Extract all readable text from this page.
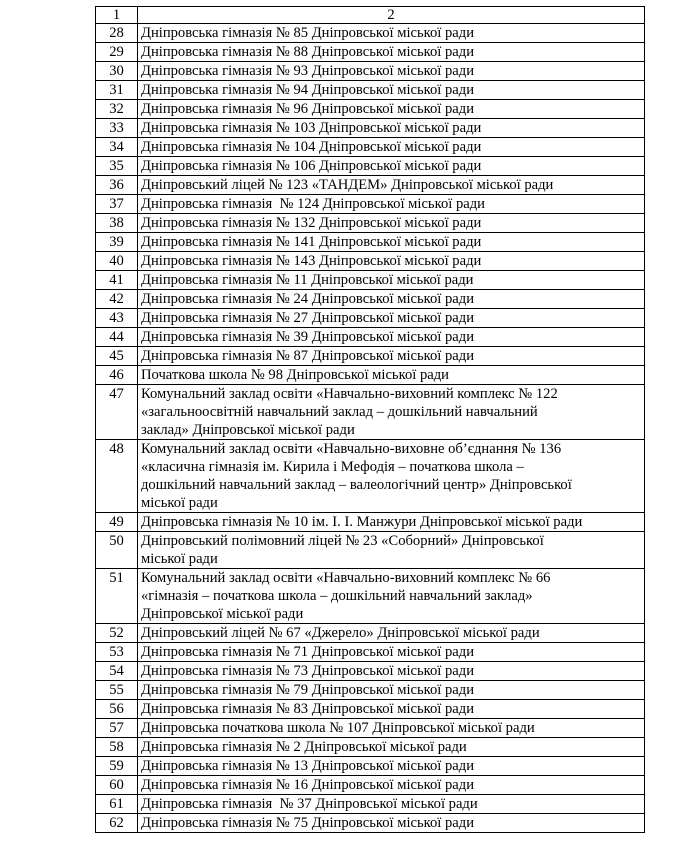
1	2
28	Дніпровська гімназія № 85 Дніпровської міської ради
29	Дніпровська гімназія № 88 Дніпровської міської ради
30	Дніпровська гімназія № 93 Дніпровської міської ради
31	Дніпровська гімназія № 94 Дніпровської міської ради
32	Дніпровська гімназія № 96 Дніпровської міської ради
33	Дніпровська гімназія № 103 Дніпровської міської ради
34	Дніпровська гімназія № 104 Дніпровської міської ради
35	Дніпровська гімназія № 106 Дніпровської міської ради
36	Дніпровський ліцей № 123 «ТАНДЕМ» Дніпровської міської ради
37	Дніпровська гімназія  № 124 Дніпровської міської ради
38	Дніпровська гімназія № 132 Дніпровської міської ради
39	Дніпровська гімназія № 141 Дніпровської міської ради
40	Дніпровська гімназія № 143 Дніпровської міської ради
41	Дніпровська гімназія № 11 Дніпровської міської ради
42	Дніпровська гімназія № 24 Дніпровської міської ради
43	Дніпровська гімназія № 27 Дніпровської міської ради
44	Дніпровська гімназія № 39 Дніпровської міської ради
45	Дніпровська гімназія № 87 Дніпровської міської ради
46	Початкова школа № 98 Дніпровської міської ради
47	Комунальний заклад освіти «Навчально-виховний комплекс № 122
«загальноосвітній навчальний заклад – дошкільний навчальний
заклад» Дніпровської міської ради
48	Комунальний заклад освіти «Навчально-виховне об’єднання № 136
«класична гімназія ім. Кирила і Мефодія – початкова школа –
дошкільний навчальний заклад – валеологічний центр» Дніпровської
міської ради
49	Дніпровська гімназія № 10 ім. І. І. Манжури Дніпровської міської ради
50	Дніпровський полімовний ліцей № 23 «Соборний» Дніпровської
міської ради
51	Комунальний заклад освіти «Навчально-виховний комплекс № 66
«гімназія – початкова школа – дошкільний навчальний заклад»
Дніпровської міської ради
52	Дніпровський ліцей № 67 «Джерело» Дніпровської міської ради
53	Дніпровська гімназія № 71 Дніпровської міської ради
54	Дніпровська гімназія № 73 Дніпровської міської ради
55	Дніпровська гімназія № 79 Дніпровської міської ради
56	Дніпровська гімназія № 83 Дніпровської міської ради
57	Дніпровська початкова школа № 107 Дніпровської міської ради
58	Дніпровська гімназія № 2 Дніпровської міської ради
59	Дніпровська гімназія № 13 Дніпровської міської ради
60	Дніпровська гімназія № 16 Дніпровської міської ради
61	Дніпровська гімназія  № 37 Дніпровської міської ради
62	Дніпровська гімназія № 75 Дніпровської міської ради
